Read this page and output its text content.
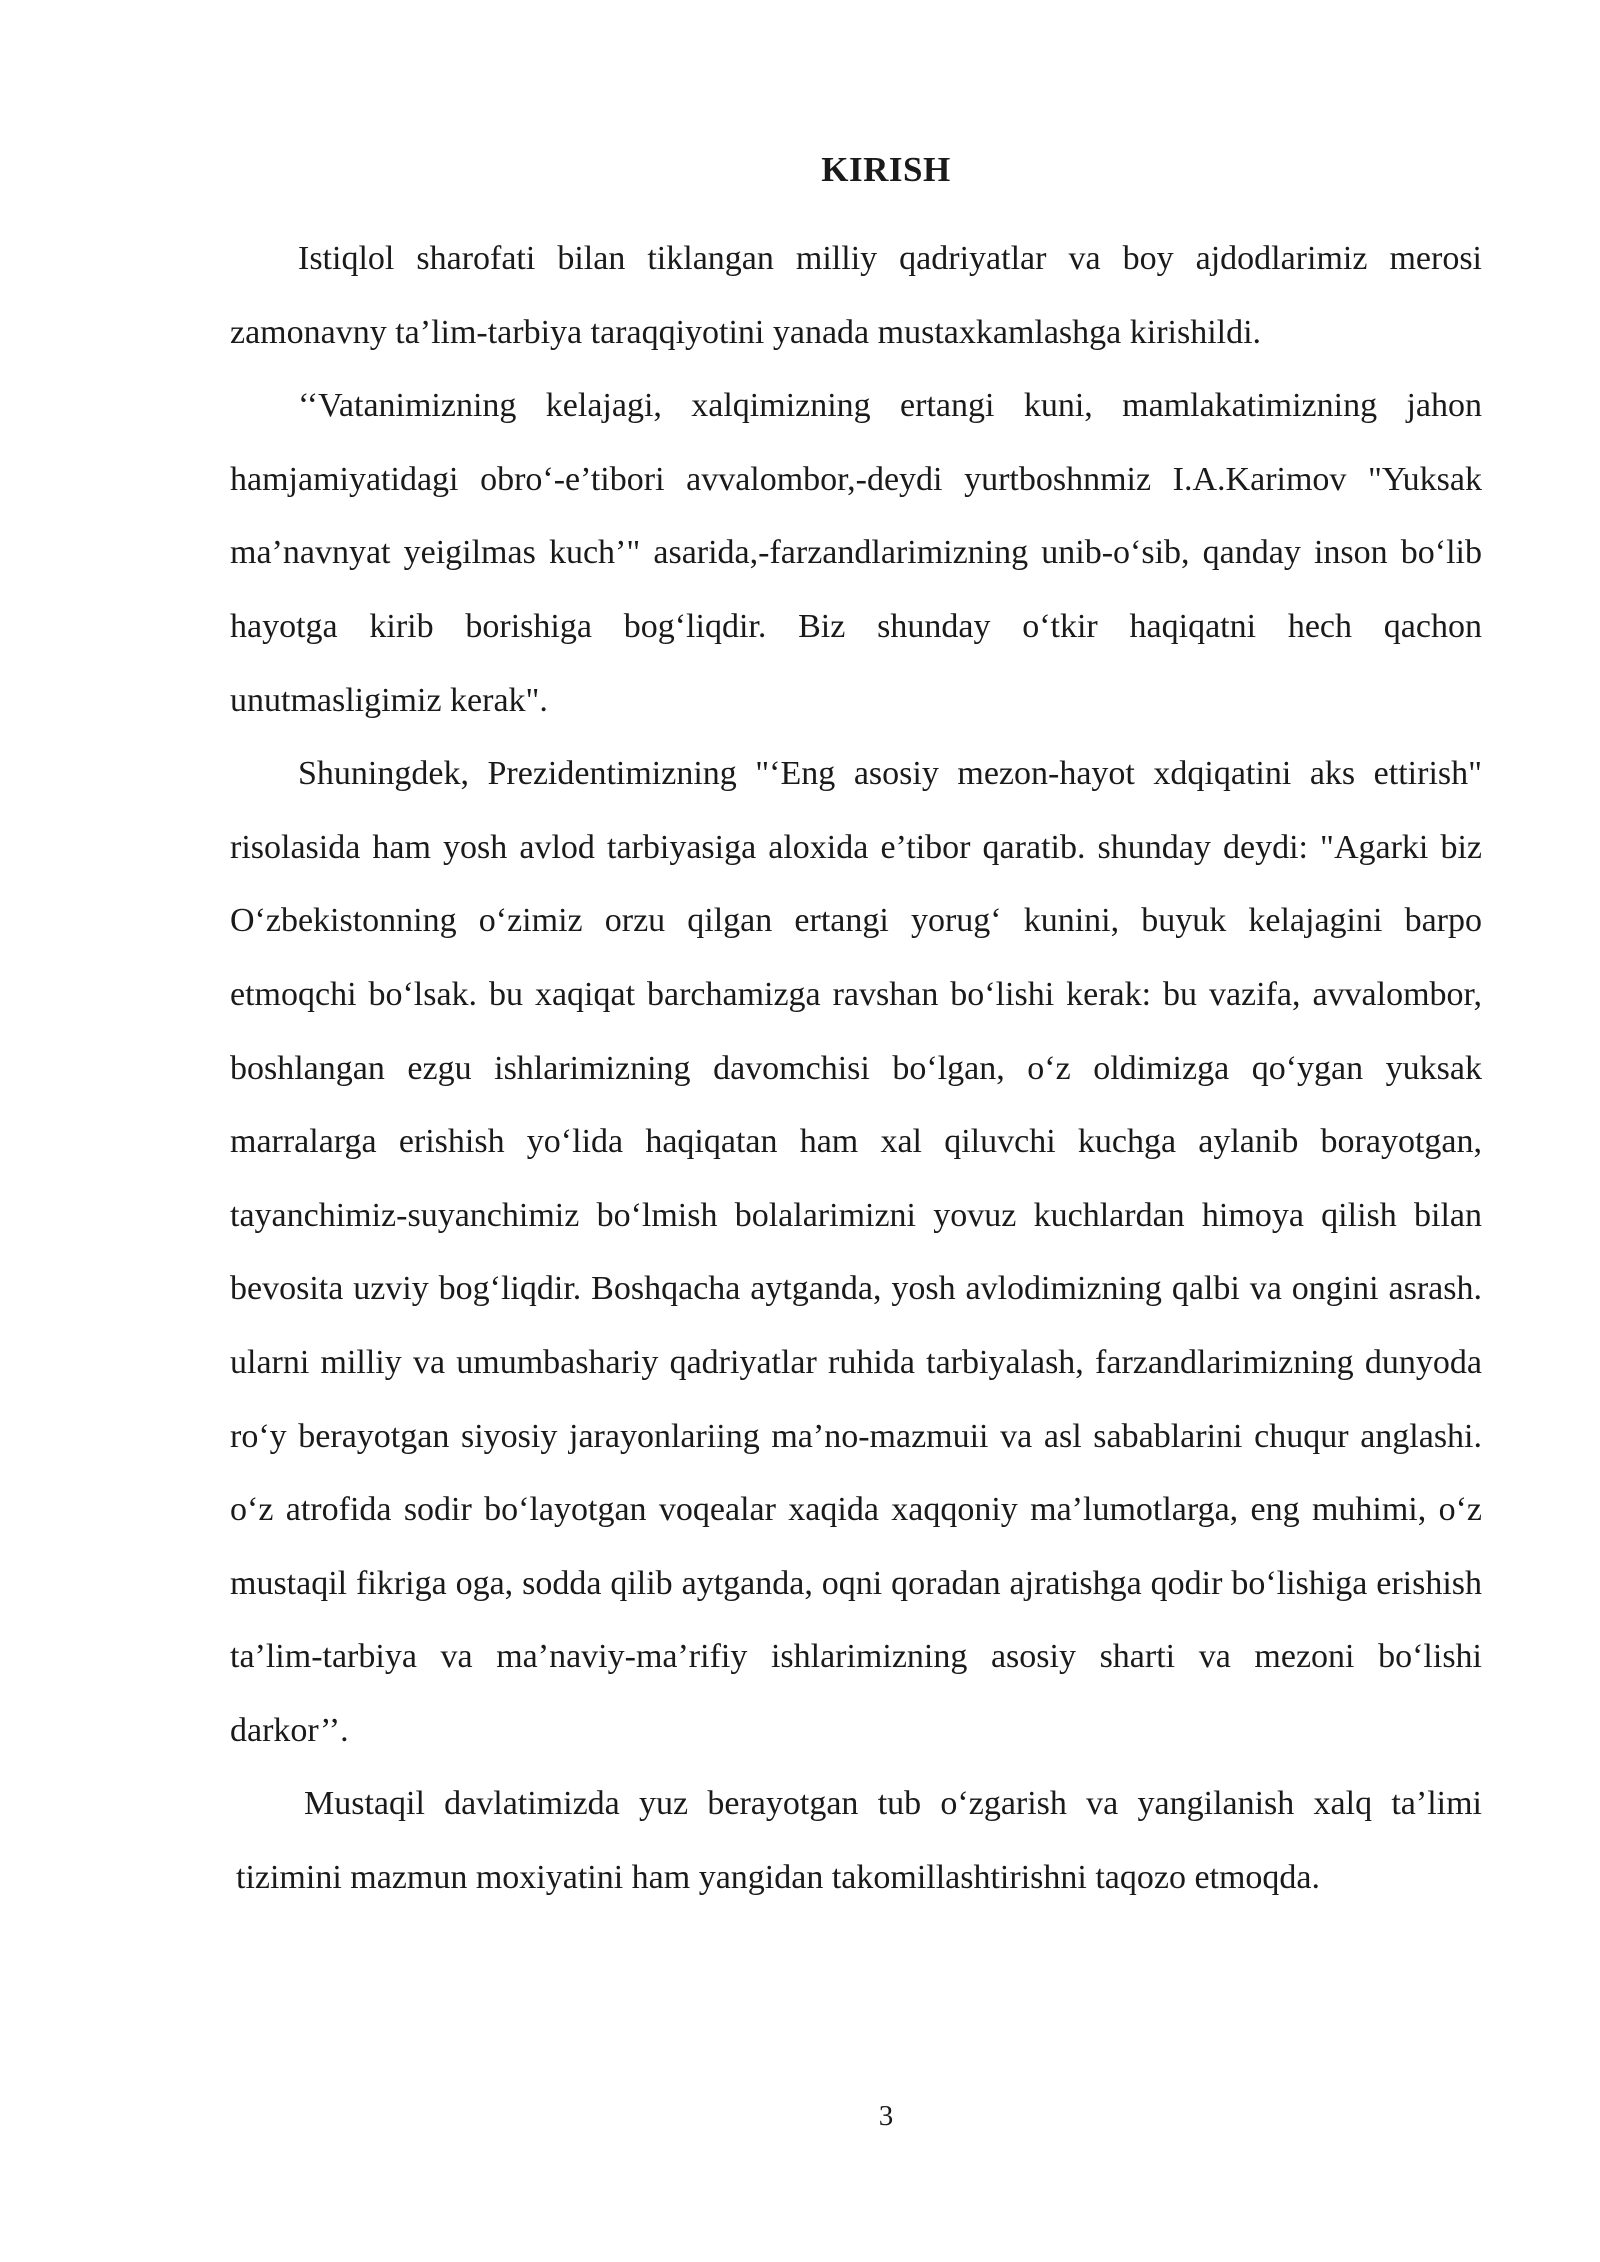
KIRISH

Istiqlol sharofati bilan tiklangan milliy qadriyatlar va boy ajdodlarimiz merosi zamonavny ta’lim-tarbiya taraqqiyotini yanada mustaxkamlashga kirishildi.

‘‘Vatanimizning kelajagi, xalqimizning ertangi kuni, mamlakatimizning jahon hamjamiyatidagi obro‘-e’tibori avvalombor,-deydi yurtboshnmiz I.A.Karimov "Yuksak ma’navnyat yeigilmas kuch’" asarida,-farzandlarimizning unib-o‘sib, qanday inson bo‘lib hayotga kirib borishiga bog‘liqdir. Biz shunday o‘tkir haqiqatni hech qachon unutmasligimiz kerak".

Shuningdek, Prezidentimizning "‘Eng asosiy mezon-hayot xdqiqatini aks ettirish" risolasida ham yosh avlod tarbiyasiga aloxida e’tibor qaratib. shunday deydi: "Agarki biz O‘zbekistonning o‘zimiz orzu qilgan ertangi yorug‘ kunini, buyuk kelajagini barpo etmoqchi bo‘lsak. bu xaqiqat barchamizga ravshan bo‘lishi kerak: bu vazifa, avvalombor, boshlangan ezgu ishlarimizning davomchisi bo‘lgan, o‘z oldimizga qo‘ygan yuksak marralarga erishish yo‘lida haqiqatan ham xal qiluvchi kuchga aylanib borayotgan, tayanchimiz-suyanchimiz bo‘lmish bolalarimizni yovuz kuchlardan himoya qilish bilan bevosita uzviy bog‘liqdir. Boshqacha aytganda, yosh avlodimizning qalbi va ongini asrash. ularni milliy va umumbashariy qadriyatlar ruhida tarbiyalash, farzandlarimizning dunyoda ro‘y berayotgan siyosiy jarayonlariing ma’no-mazmuii va asl sabablarini chuqur anglashi. o‘z atrofida sodir bo‘layotgan voqealar xaqida xaqqoniy ma’lumotlarga, eng muhimi, o‘z mustaqil fikriga oga, sodda qilib aytganda, oqni qoradan ajratishga qodir bo‘lishiga erishish ta’lim-tarbiya va ma’naviy-ma’rifiy ishlarimizning asosiy sharti va mezoni bo‘lishi darkor’’.

Mustaqil davlatimizda yuz berayotgan tub o‘zgarish va yangilanish xalq ta’limi tizimini mazmun moxiyatini ham yangidan takomillashtirishni taqozo etmoqda.

3
